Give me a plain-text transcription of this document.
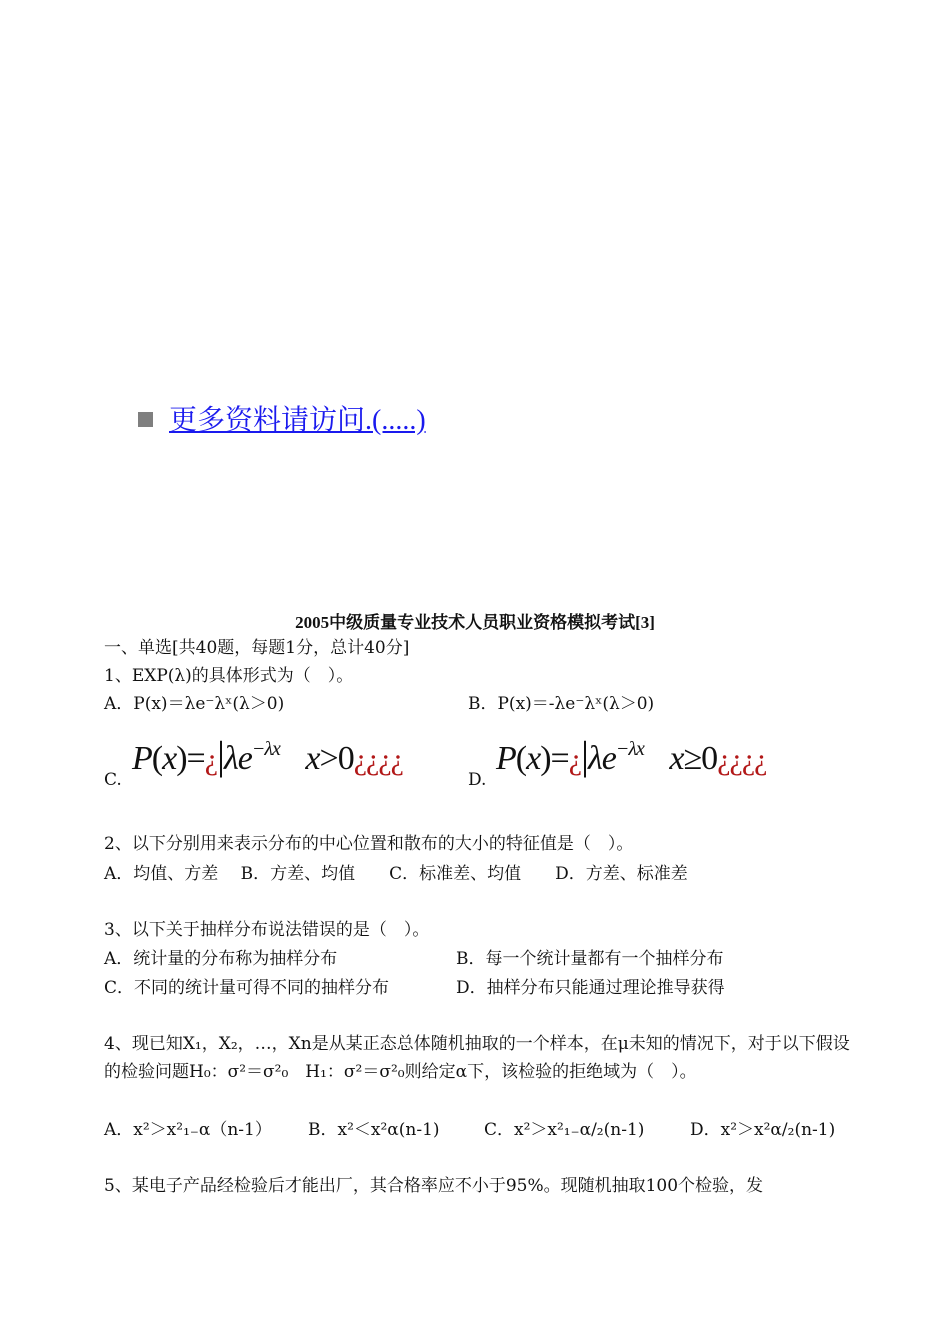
更多资料请访问.(.....)
2005中级质量专业技术人员职业资格模拟考试[3]
一、单选[共40题，每题1分，总计40分]
1、EXP(λ)的具体形式为（　）。
A．P(x)＝λe⁻λˣ(λ＞0)	B．P(x)＝-λe⁻λˣ(λ＞0)
C.
$P(x)=¿|\lambda e^{-\lambda x}$ x>0¿¿¿¿
D.
$P(x)=¿|\lambda e^{-\lambda x}$ x≥0¿¿¿¿
2、以下分别用来表示分布的中心位置和散布的大小的特征值是（　）。
A．均值、方差　 B．方差、均值　　C．标准差、均值　　D．方差、标准差
3、以下关于抽样分布说法错误的是（　）。
A．统计量的分布称为抽样分布	B．每一个统计量都有一个抽样分布
C．不同的统计量可得不同的抽样分布	D．抽样分布只能通过理论推导获得
4、现已知X₁，X₂，…，Xn是从某正态总体随机抽取的一个样本，在μ未知的情况下，对于以下假设的检验问题H₀：σ²＝σ²₀　H₁：σ²＝σ²₀则给定α下，该检验的拒绝域为（　）。
A．x²＞x²₁₋α（n-1） B．x²＜x²α(n-1)	C．x²＞x²₁₋α/₂(n-1)	D．x²＞x²α/₂(n-1)
5、某电子产品经检验后才能出厂，其合格率应不小于95%。现随机抽取100个检验，发
